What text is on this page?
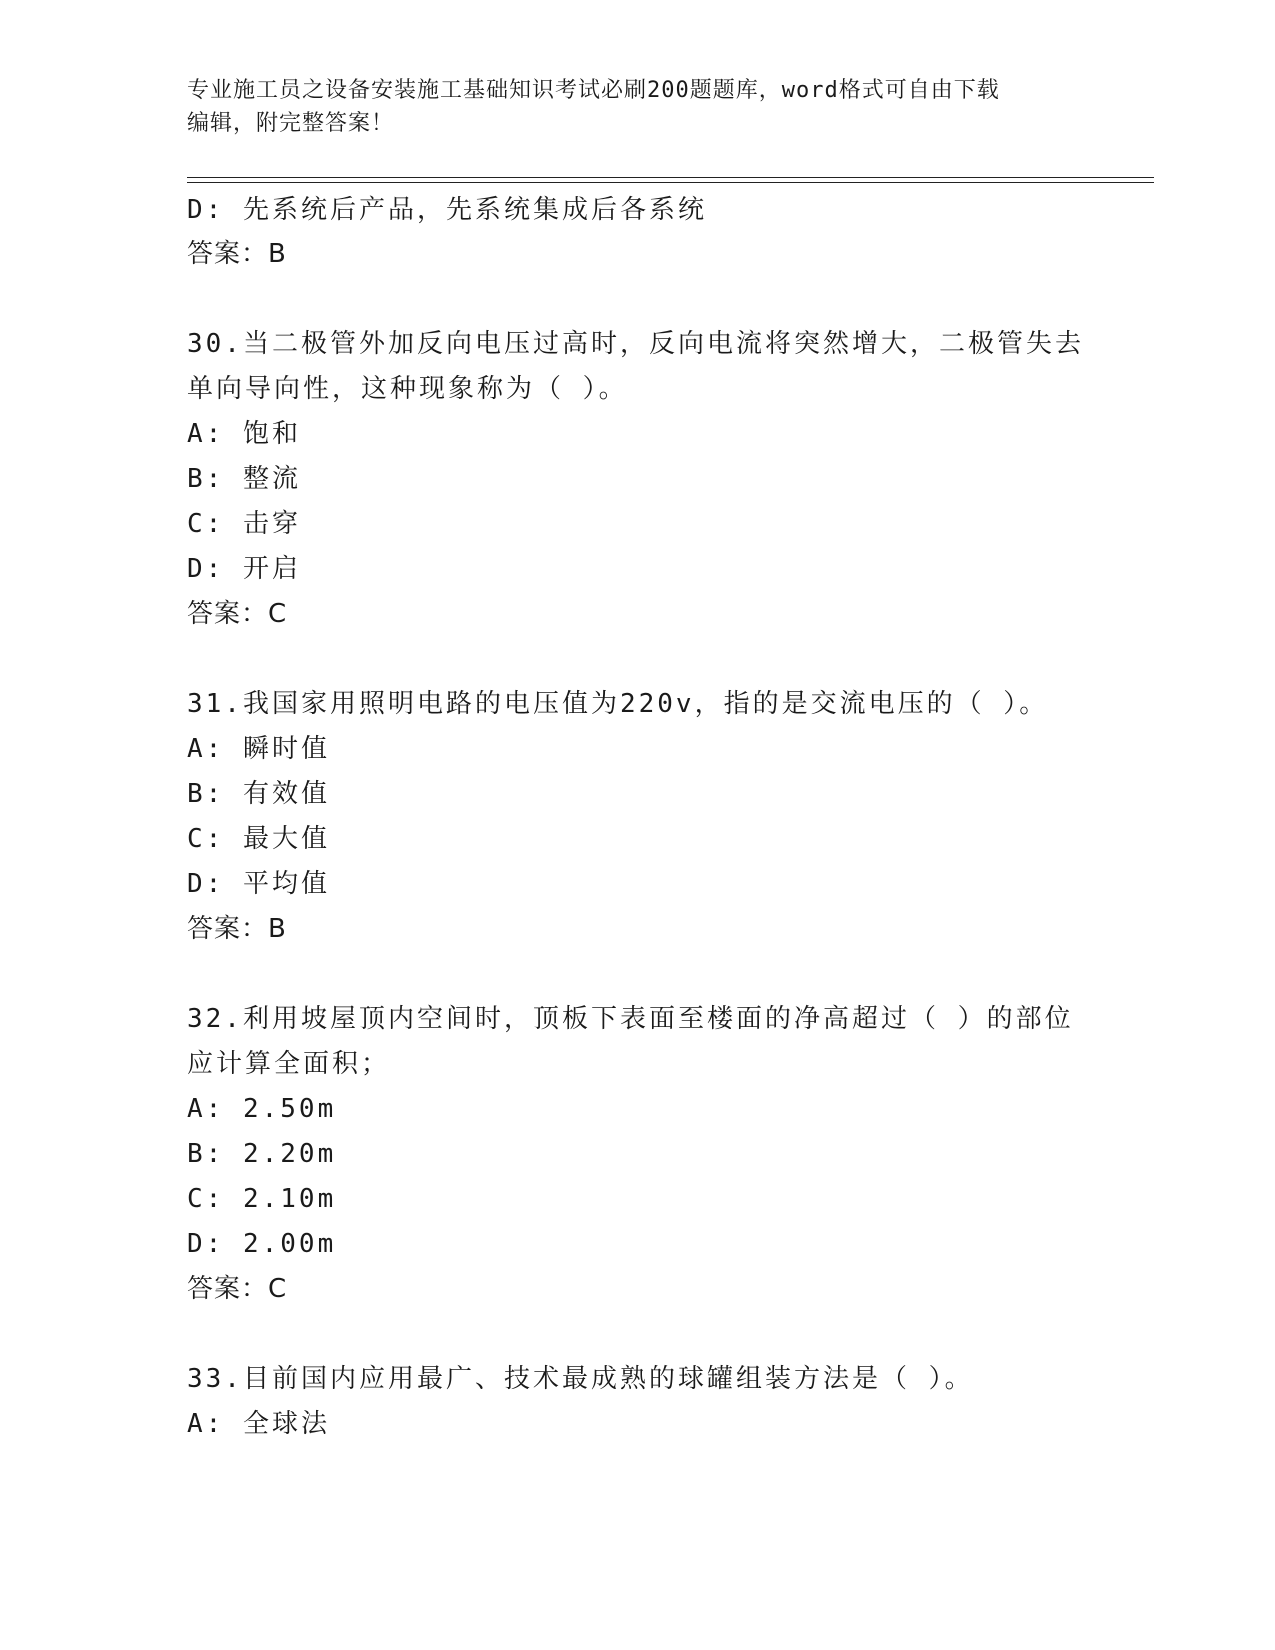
专业施工员之设备安装施工基础知识考试必刷200题题库，word格式可自由下载
编辑，附完整答案！
D: 先系统后产品，先系统集成后各系统
答案：B
30.当二极管外加反向电压过高时，反向电流将突然增大，二极管失去
单向导向性，这种现象称为（ ）。
A: 饱和
B: 整流
C: 击穿
D: 开启
答案：C
31.我国家用照明电路的电压值为220v，指的是交流电压的（ ）。
A: 瞬时值
B: 有效值
C: 最大值
D: 平均值
答案：B
32.利用坡屋顶内空间时，顶板下表面至楼面的净高超过（ ）的部位
应计算全面积；
A: 2.50m
B: 2.20m
C: 2.10m
D: 2.00m
答案：C
33.目前国内应用最广、技术最成熟的球罐组装方法是（ ）。
A: 全球法
